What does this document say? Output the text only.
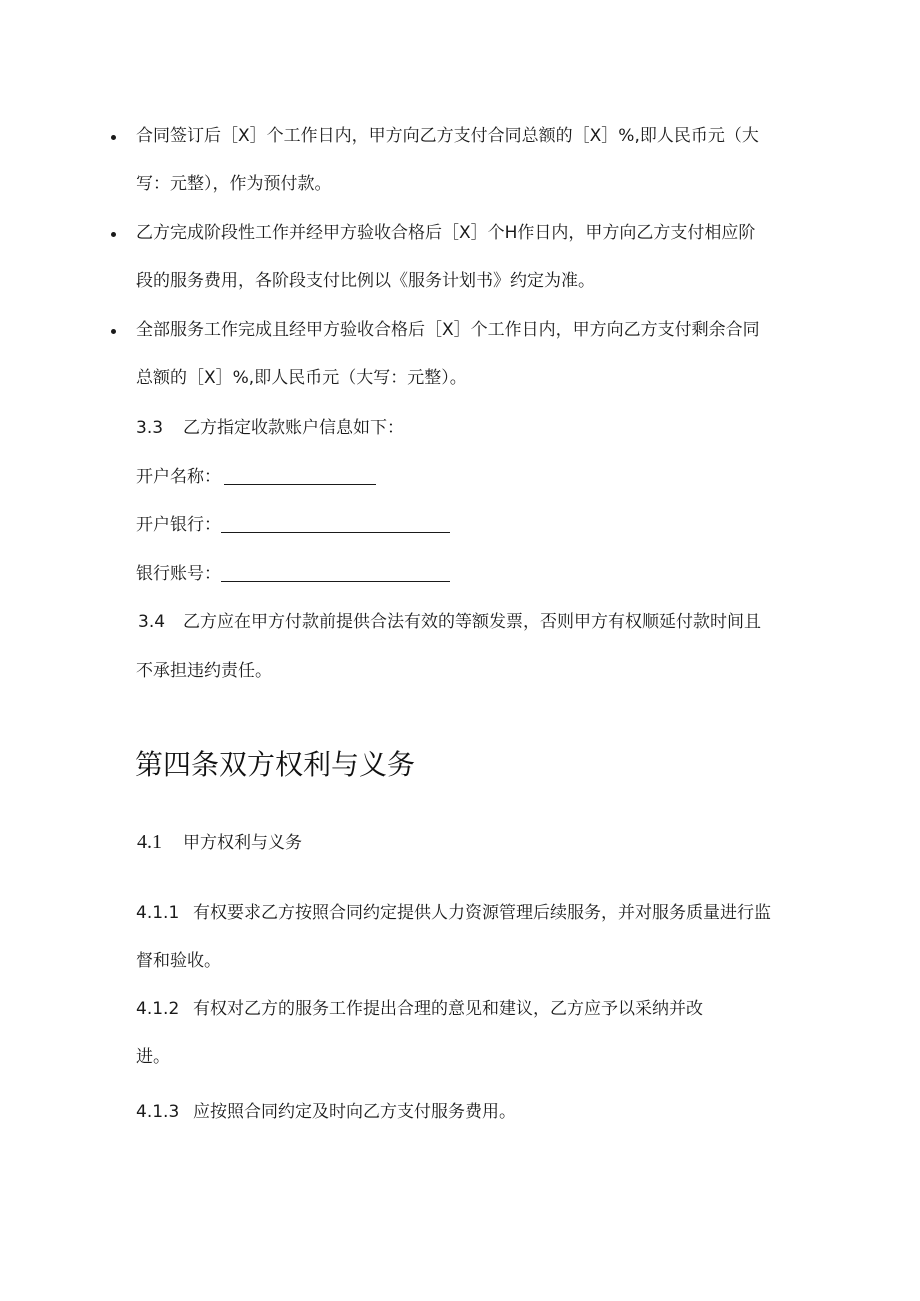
合同签订后［X］个工作日内，甲方向乙方支付合同总额的［X］%,即人民币元（大
写：元整），作为预付款。
乙方完成阶段性工作并经甲方验收合格后［X］个H作日内，甲方向乙方支付相应阶
段的服务费用，各阶段支付比例以《服务计划书》约定为准。
全部服务工作完成且经甲方验收合格后［X］个工作日内，甲方向乙方支付剩余合同
总额的［X］%,即人民币元（大写：元整）。
3.3 乙方指定收款账户信息如下：
开户名称：
开户银行：
银行账号：
3.4 乙方应在甲方付款前提供合法有效的等额发票，否则甲方有权顺延付款时间且
不承担违约责任。
第四条双方权利与义务
4.1 甲方权利与义务
4.1.1 有权要求乙方按照合同约定提供人力资源管理后续服务，并对服务质量进行监
督和验收。
4.1.2 有权对乙方的服务工作提出合理的意见和建议，乙方应予以采纳并改
进。
4.1.3 应按照合同约定及时向乙方支付服务费用。
